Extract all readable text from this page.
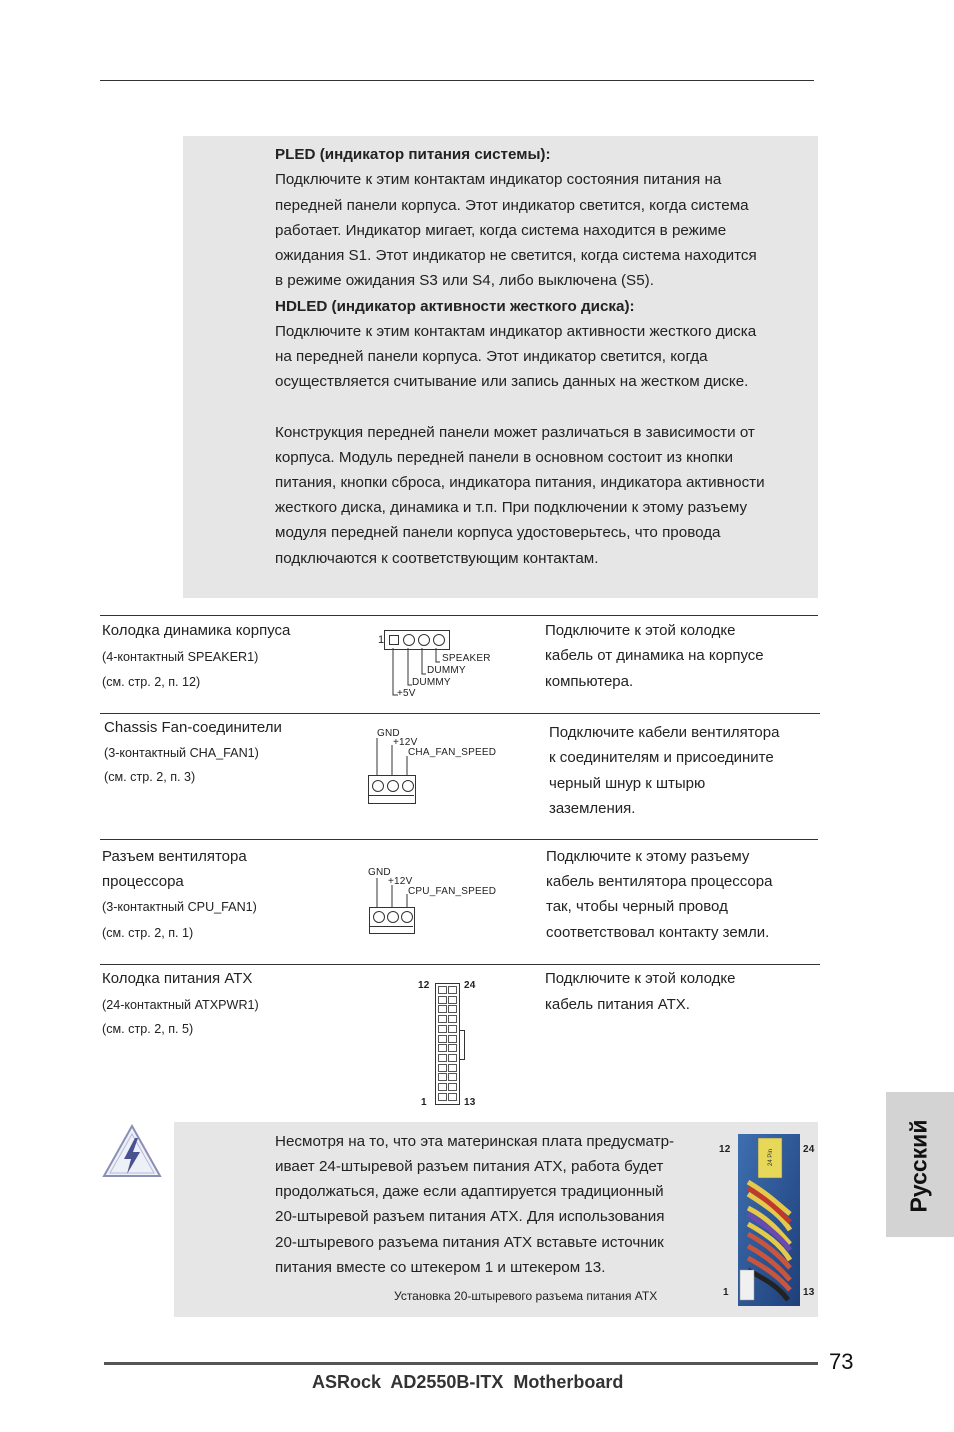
PLED (индикатор питания системы):
Подключите к этим контактам индикатор состояния питания на
передней панели корпуса. Этот индикатор светится, когда система
работает. Индикатор мигает, когда система находится в режиме
ожидания S1. Этот индикатор не светится, когда система находится
в режиме ожидания S3 или S4, либо выключена (S5).
HDLED (индикатор активности жесткого диска):
Подключите к этим контактам индикатор активности жесткого диска
на передней панели корпуса. Этот индикатор светится, когда
осуществляется считывание или запись данных на жестком диске.
Конструкция передней панели может различаться в зависимости от
корпуса. Модуль передней панели в основном состоит из кнопки
питания, кнопки сброса, индикатора питания, индикатора активности
жесткого диска, динамика и т.п. При подключении к этому разъему
модуля передней панели корпуса удостоверьтесь, что провода
подключаются к соответствующим контактам.
Колодка динамика корпуса
(4-контактный SPEAKER1)
(см. стр. 2, п. 12)
1
SPEAKER
DUMMY
DUMMY
+5V
Подключите к этой колодке
кабель от динамика на корпусе
компьютера.
Chassis Fan-соединители
(3-контактный CHA_FAN1)
(см. стр. 2, п. 3)
GND
+12V
CHA_FAN_SPEED
Подключите кабели вентилятора
к соединителям и присоедините
черный шнур к штырю
заземления.
Разъем вентилятора
процессора
(3-контактный CPU_FAN1)
(см. стр. 2, п. 1)
GND
+12V
CPU_FAN_SPEED
Подключите к этому разъему
кабель вентилятора процессора
так, чтобы черный провод
соответствовал контакту земли.
Колодка питания ATX
(24-контактный ATXPWR1)
(см. стр. 2, п. 5)
12	24
1	13
Подключите к этой колодке
кабель питания ATX.
Несмотря на то, что эта материнская плата предусматр-
ивает 24-штыревой разъем питания ATX, работа будет
продолжаться, даже если адаптируется традиционный
20-штыревой разъем питания ATX. Для использования
20-штыревого разъема питания ATX вставьте источник
питания вместе со штекером 1 и штекером 13.
Установка 20-штыревого разъема питания ATX
12	24
1	13
24 Pin	Русский
73
ASRock  AD2550B-ITX  Motherboard
